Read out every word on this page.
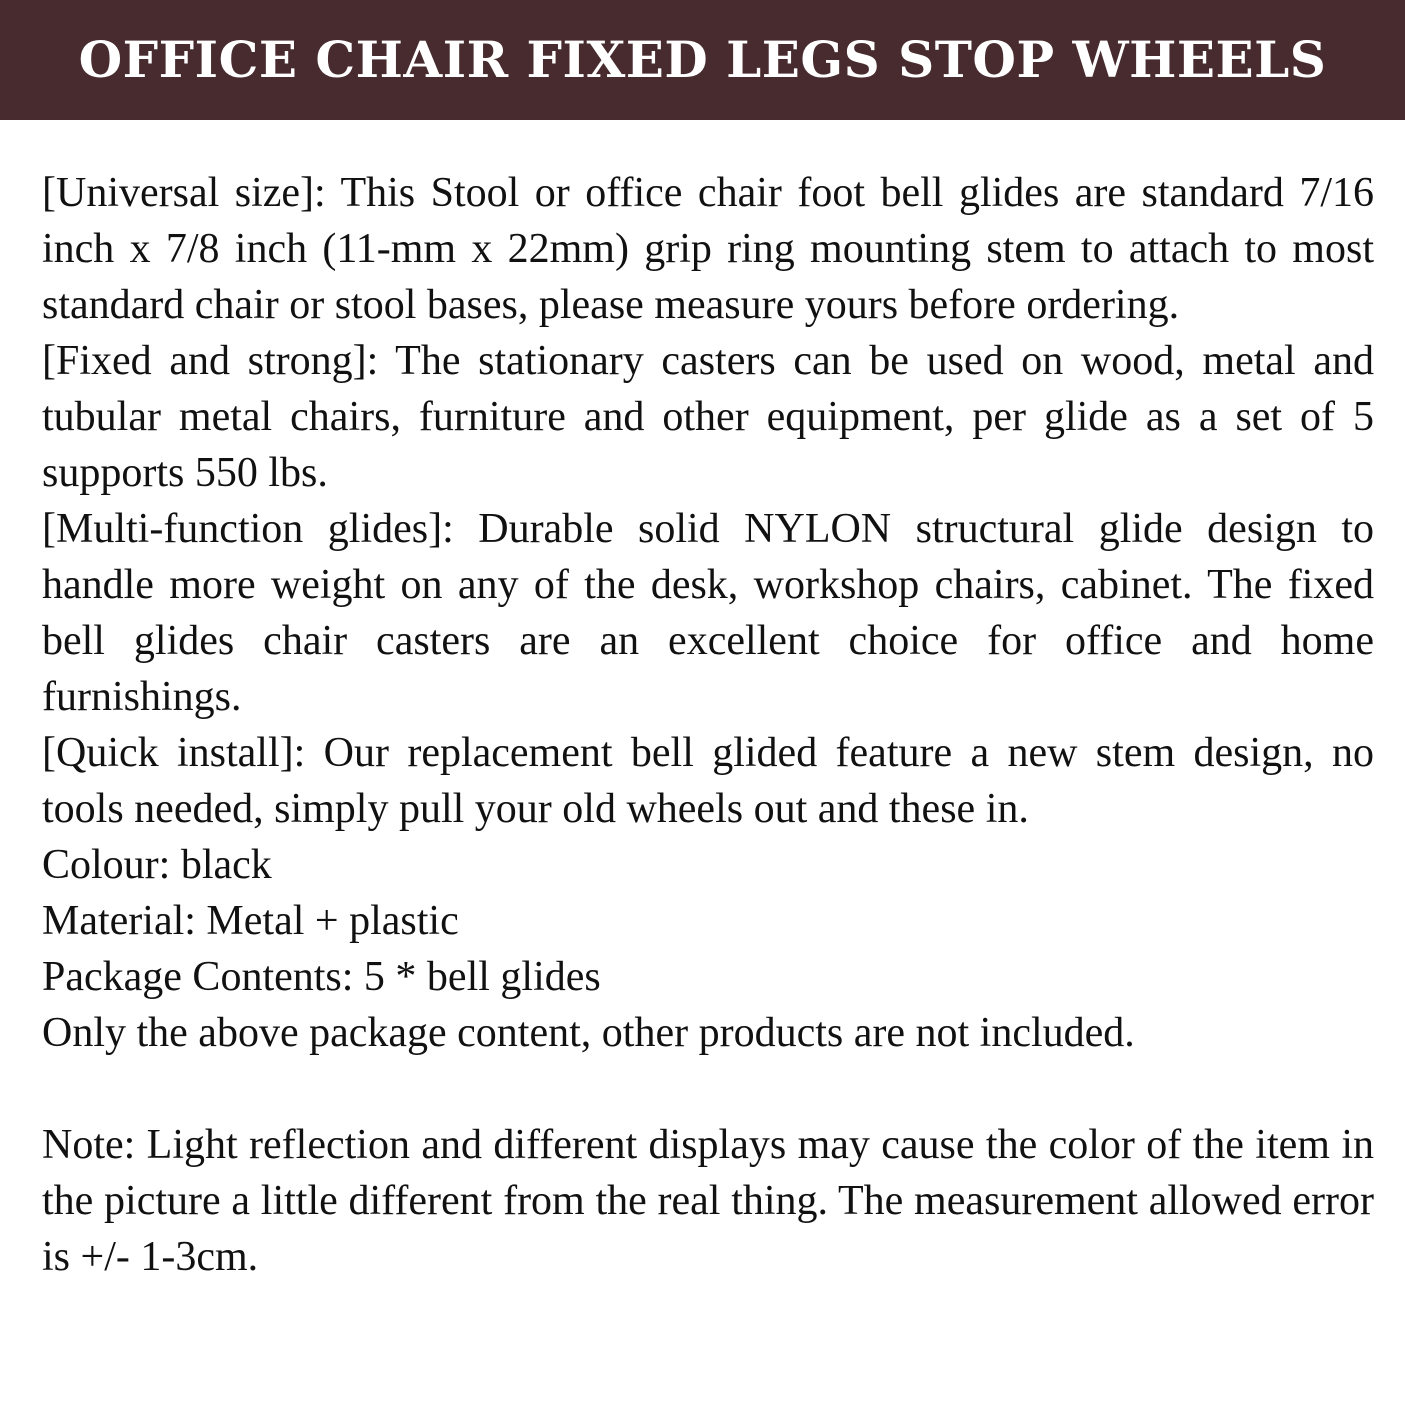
OFFICE CHAIR FIXED LEGS STOP WHEELS

[Universal size]: This Stool or office chair foot bell glides are standard 7/16 inch x 7/8 inch (11-mm x 22mm) grip ring mounting stem to attach to most standard chair or stool bases, please measure yours before ordering.

[Fixed and strong]: The stationary casters can be used on wood, metal and tubular metal chairs, furniture and other equipment, per glide as a set of 5 supports 550 lbs.

[Multi-function glides]: Durable solid NYLON structural glide design to handle more weight on any of the desk, workshop chairs, cabinet. The fixed bell glides chair casters are an excellent choice for office and home furnishings.

[Quick install]: Our replacement bell glided feature a new stem design, no tools needed, simply pull your old wheels out and these in.

Colour: black

Material: Metal + plastic

Package Contents: 5 * bell glides

Only the above package content, other products are not included.

Note: Light reflection and different displays may cause the color of the item in the picture a little different from the real thing. The measurement allowed error is +/- 1-3cm.
